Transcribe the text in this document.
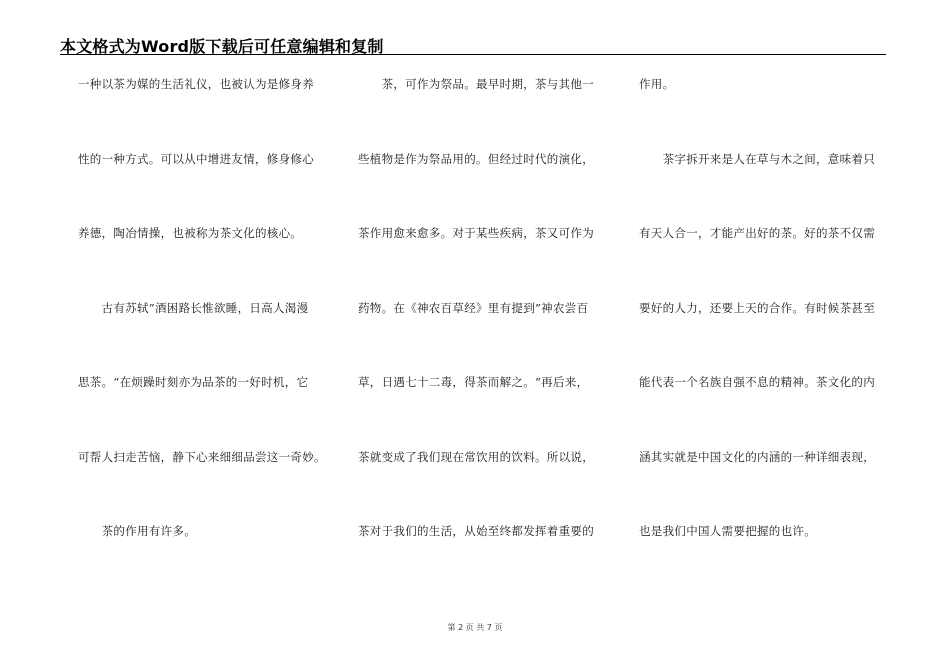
本文格式为Word版下载后可任意编辑和复制
一种以茶为媒的生活礼仪，也被认为是修身养
性的一种方式。可以从中增进友情，修身修心
养德，陶冶情操，也被称为茶文化的核心。
　　古有苏轼”酒困路长惟欲睡，日高人渴漫
思茶。“在烦躁时刻亦为品茶的一好时机，它
可帮人扫走苦恼，静下心来细细品尝这一奇妙。
　　茶的作用有许多。
　　茶，可作为祭品。最早时期，茶与其他一
些植物是作为祭品用的。但经过时代的演化，
茶作用愈来愈多。对于某些疾病，茶又可作为
药物。在《神农百草经》里有提到”神农尝百
草，日遇七十二毒，得茶而解之。“再后来，
茶就变成了我们现在常饮用的饮料。所以说，
茶对于我们的生活，从始至终都发挥着重要的
作用。
　　茶字拆开来是人在草与木之间，意味着只
有天人合一，才能产出好的茶。好的茶不仅需
要好的人力，还要上天的合作。有时候茶甚至
能代表一个名族自强不息的精神。茶文化的内
涵其实就是中国文化的内涵的一种详细表现，
也是我们中国人需要把握的也许。
第 2 页 共 7 页
